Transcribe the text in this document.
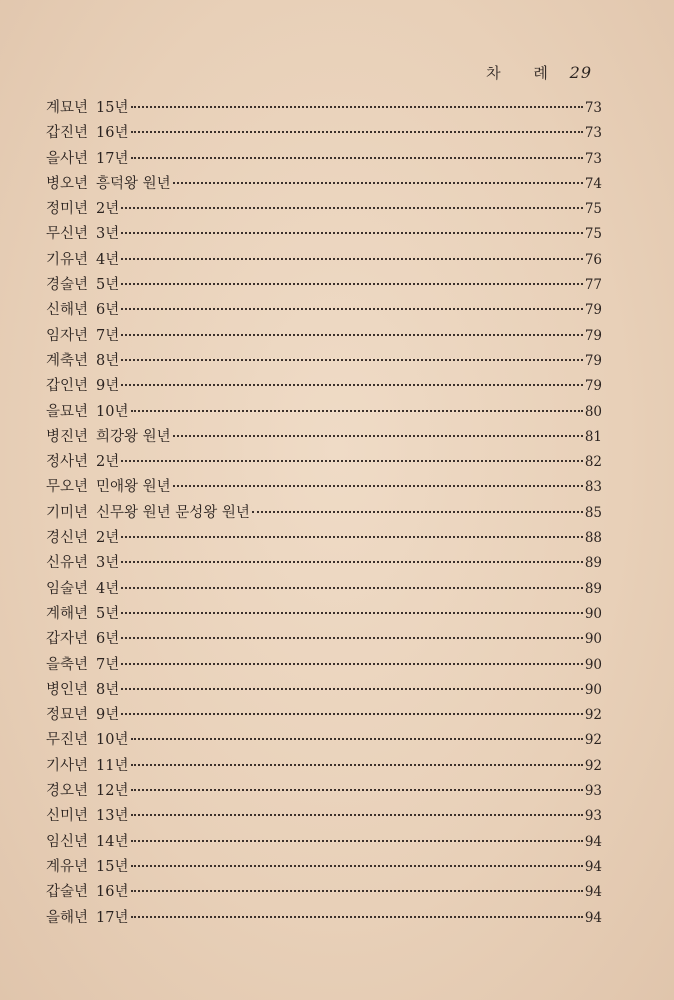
차 례 29
계묘년 15년	73
갑진년 16년	73
을사년 17년	73
병오년 흥덕왕 원년	74
정미년 2년	75
무신년 3년	75
기유년 4년	76
경술년 5년	77
신해년 6년	79
임자년 7년	79
계축년 8년	79
갑인년 9년	79
을묘년 10년	80
병진년 희강왕 원년	81
정사년 2년	82
무오년 민애왕 원년	83
기미년 신무왕 원년 문성왕 원년	85
경신년 2년	88
신유년 3년	89
임술년 4년	89
계해년 5년	90
갑자년 6년	90
을축년 7년	90
병인년 8년	90
정묘년 9년	92
무진년 10년	92
기사년 11년	92
경오년 12년	93
신미년 13년	93
임신년 14년	94
계유년 15년	94
갑술년 16년	94
을해년 17년	94
